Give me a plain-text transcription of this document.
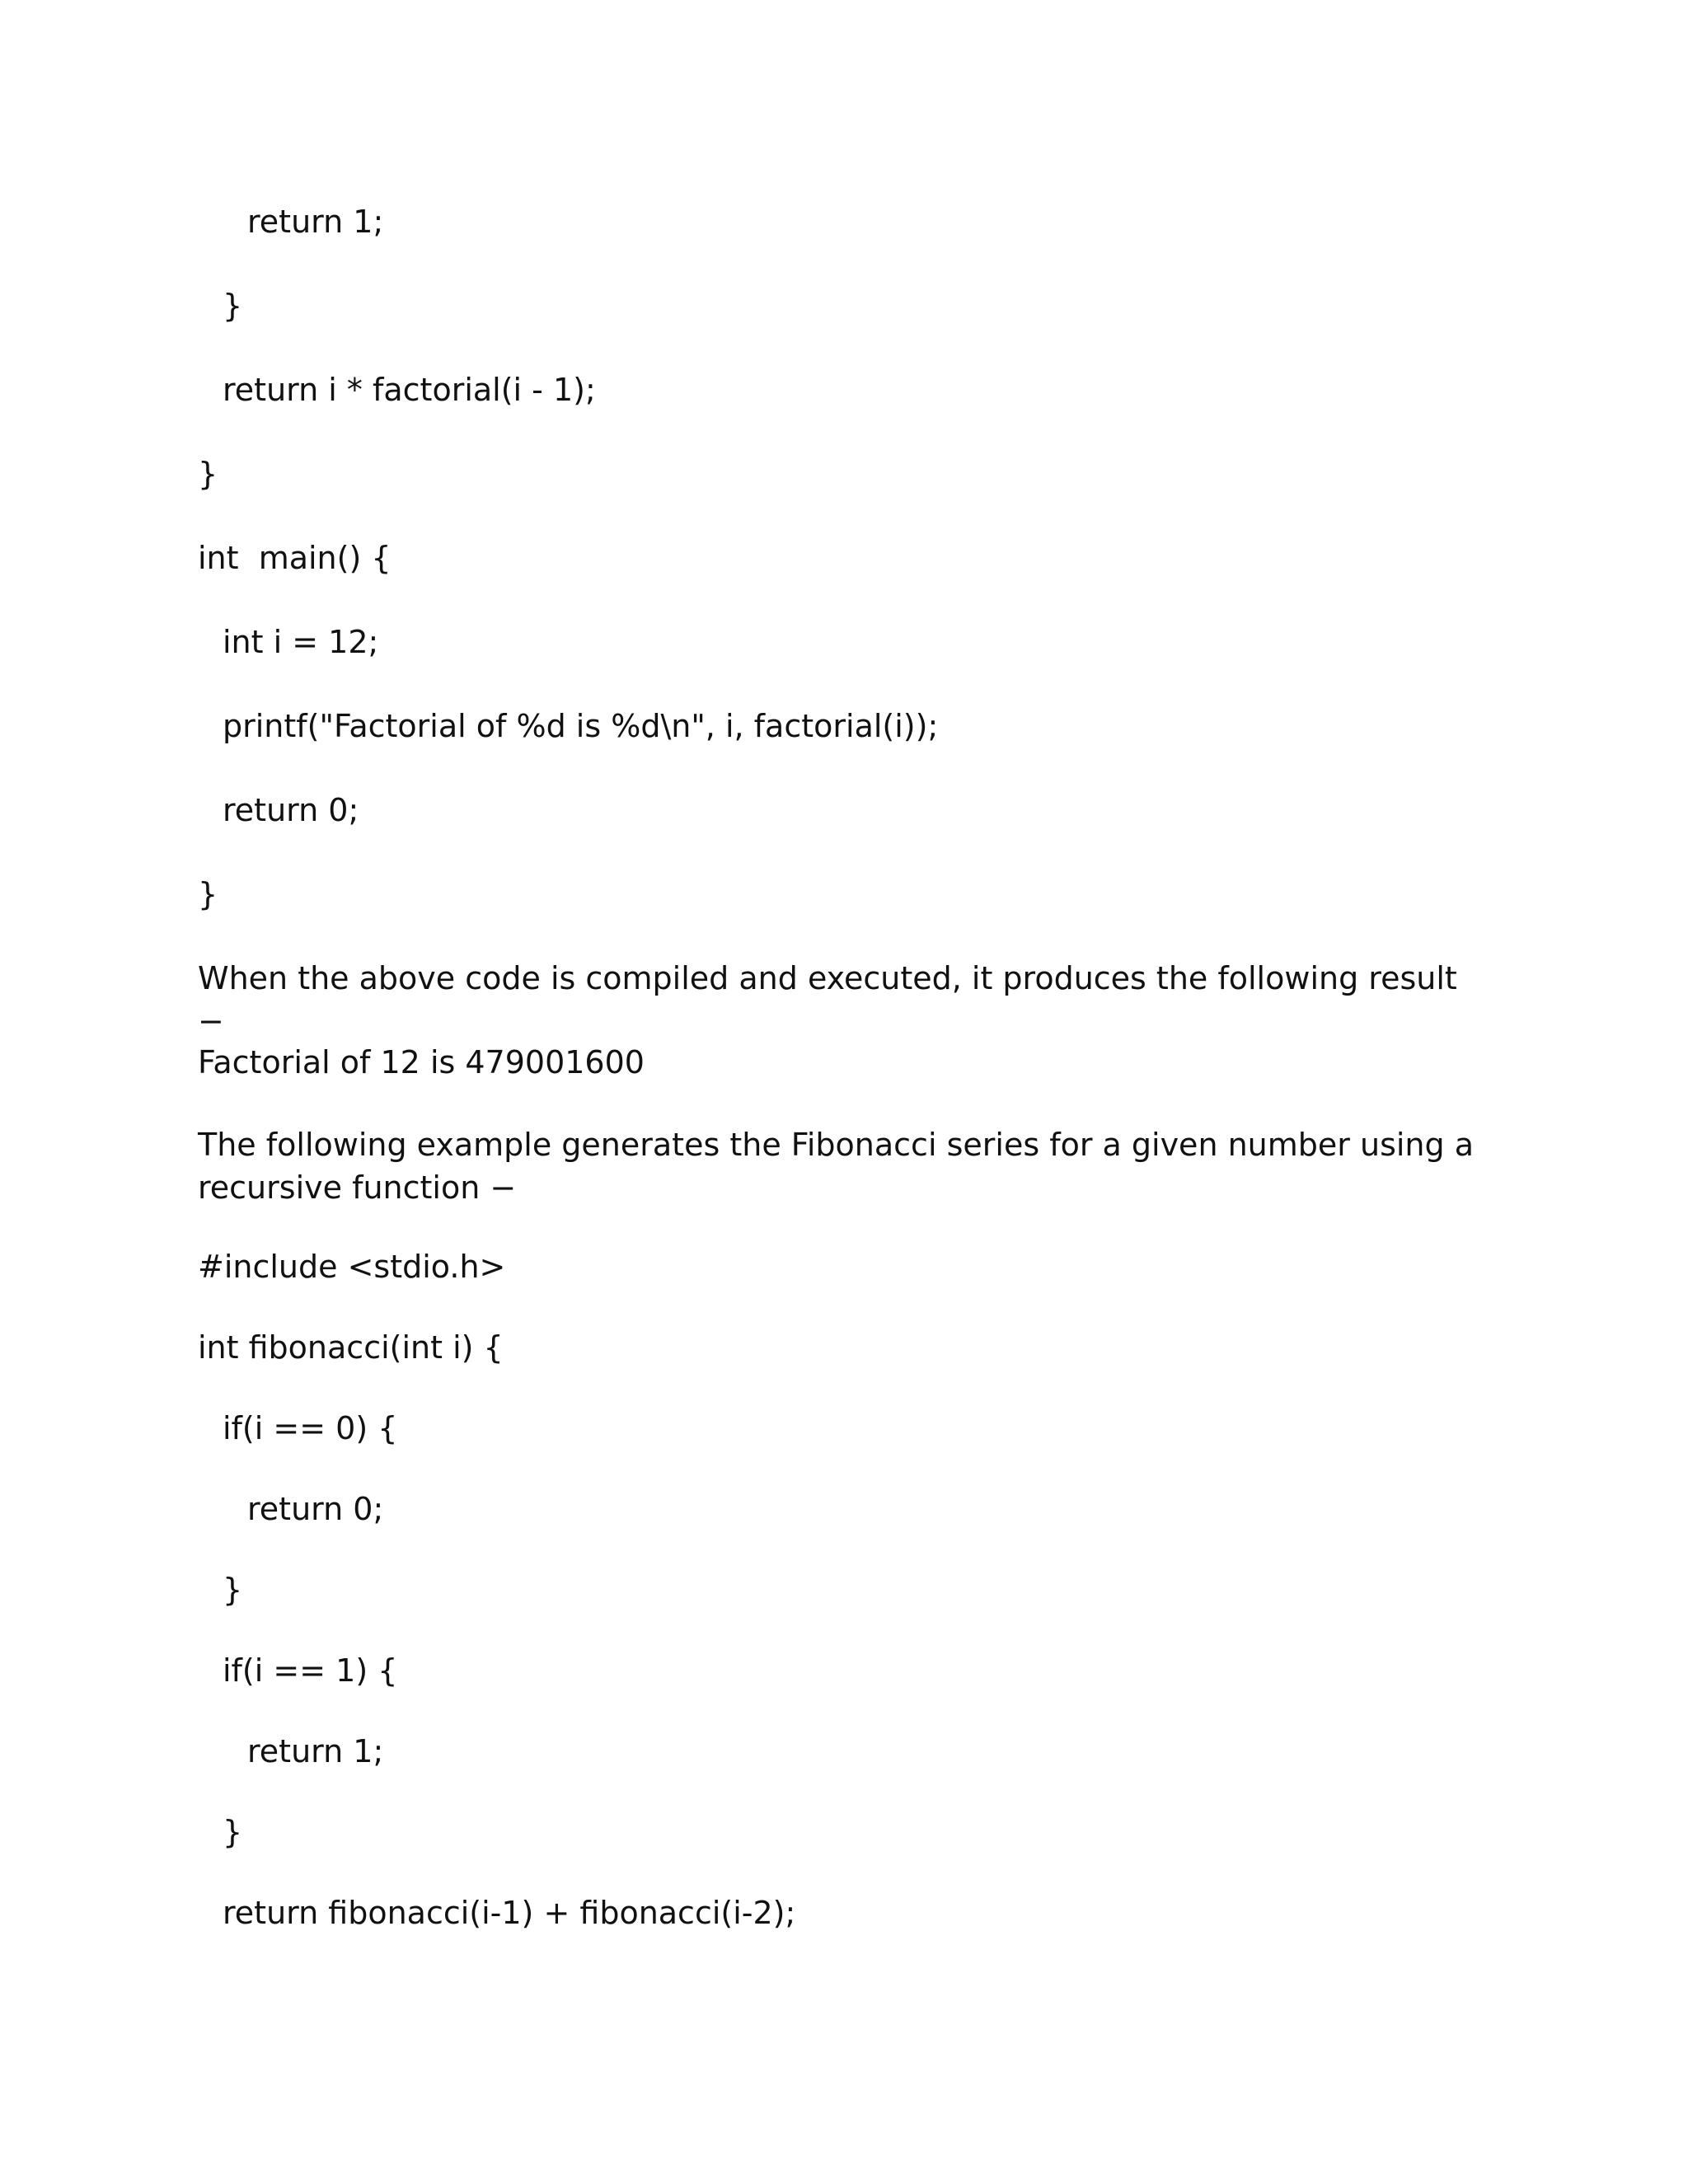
return 1;

}

return i * factorial(i - 1);

}

int  main() {

int i = 12;

printf("Factorial of %d is %d\n", i, factorial(i));

return 0;

}

When the above code is compiled and executed, it produces the following result −

Factorial of 12 is 479001600

The following example generates the Fibonacci series for a given number using a recursive function −

#include <stdio.h>

int fibonacci(int i) {

if(i == 0) {

return 0;

}

if(i == 1) {

return 1;

}

return fibonacci(i-1) + fibonacci(i-2);
